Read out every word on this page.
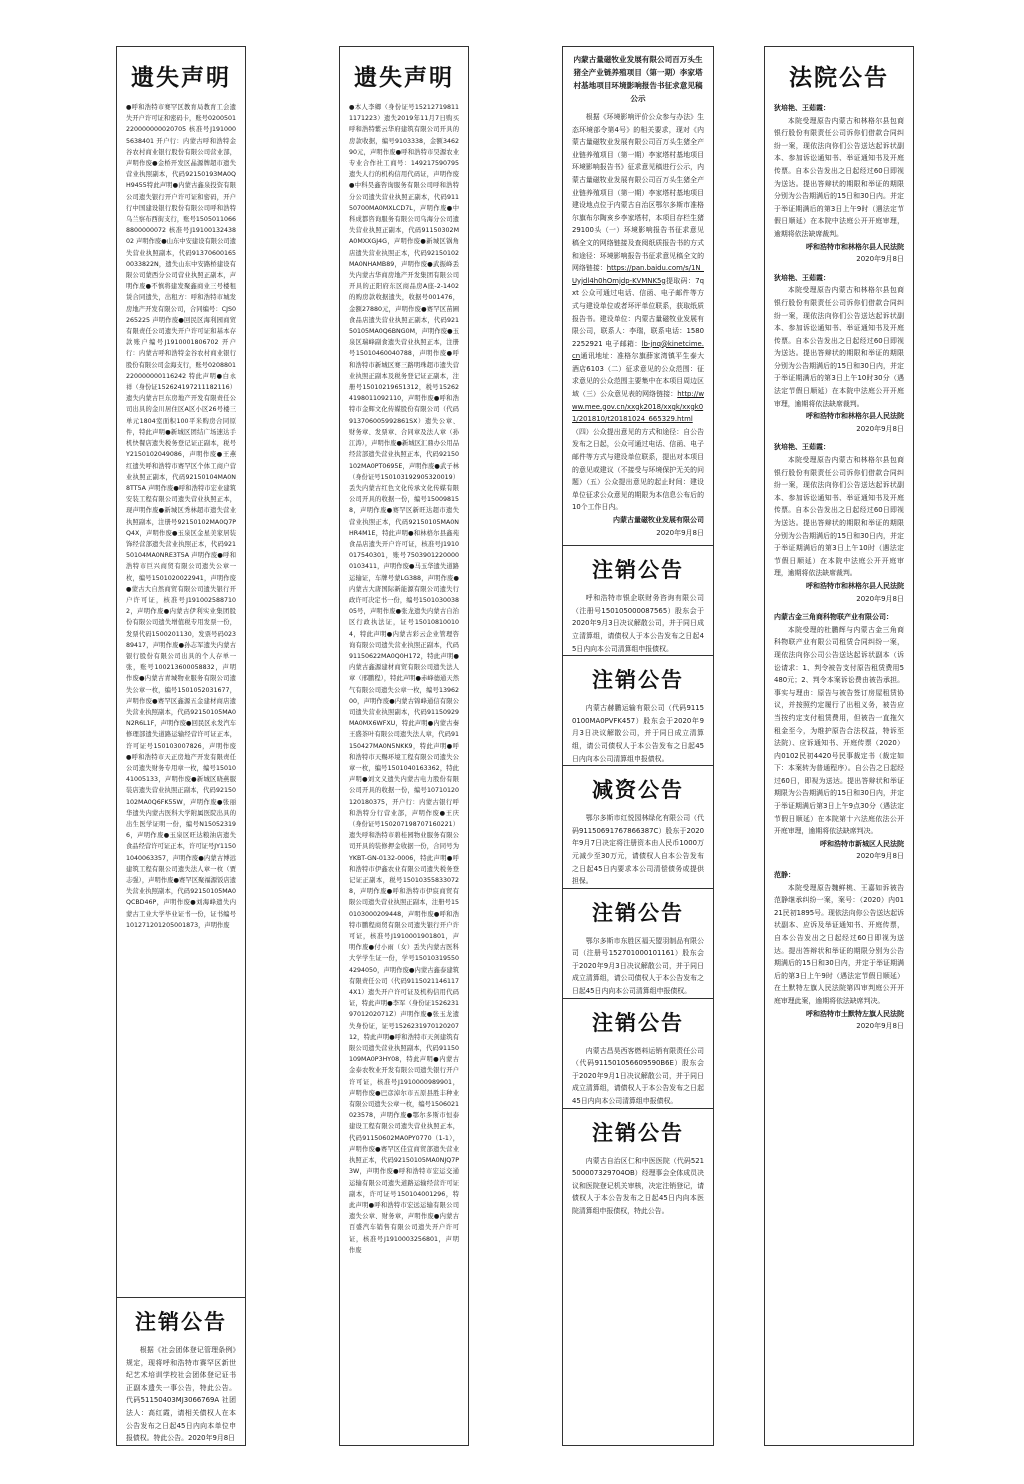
遗失声明

●呼和浩特市赛罕区教育局教育工会遗失开户许可证和密码卡，账号0200501220000000020705 核准号J1910005638401 开户行：内蒙古呼和浩特金谷农村商业银行股份有限公司营业部，声明作废●金桥开发区晶源牌超市遗失营业执照副本，代码92150193MA0QH9455特此声明●内蒙古鑫泉投资有限公司遗失银行开户许可证和密码，开户行中国建设银行股份有限公司呼和浩特乌兰察布西街支行，账号15050110668800000072 核准号J1910013243802 声明作废●山东中安建设有限公司遗失营业执照副本，代码913706001650033822N，遗失山东中安路桥建设有限公司蒙西分公司营业执照正副本，声明作废●不慎将建发聚鑫商业三号楼租赁合同遗失，出租方：呼和浩特市城发房地产开发有限公司，合同编号：CJS0265225 声明作废●回民区海利园商贸有限责任公司遗失开户许可证和基本存款账户编号J1910001806702 开户行：内蒙古呼和浩特金谷农村商业银行股份有限公司金海支行，账号0208801220000000116242 特此声明●白永祥（身份证152624197211182116）遗失内蒙古巨东房地产开发有限责任公司出具的金川居住区A区小区26号楼三单元1804室面积100平米购房合同原件，特此声明●新城区团结广场速达手机快餐店遗失税务登记证正副本，税号Y2150102049086，声明作废●王燕红遗失呼和浩特市赛罕区个体工商户营业执照正副本，代码92150104MA0N8TT5A 声明作废●呼和浩特市宏业建筑安装工程有限公司遗失营业执照正本，现声明作废●新城区秀林超市遗失营业执照副本，注册号92150102MA0Q7PQ4X，声明作废●玉泉区金星美家居装饰经营部遗失营业执照正本，代码92150104MA0NRE3T5A 声明作废●呼和浩特市巨兴商贸有限公司遗失公章一枚，编号1501020022941，声明作废●蒙古大自然商贸有限公司遗失银行开户许可证，核准号J1910025887102，声明作废●内蒙古伊利实业集团股份有限公司遗失增值税专用发票一份，发票代码1500201130，发票号码02389417，声明作废●孙志军遗失内蒙古银行股份有限公司出具的个人存单一张，账号100213600058832，声明作废●内蒙古青城物业服务有限公司遗失公章一枚，编号1501052031677，声明作废●赛罕区鑫源五金建材商店遗失营业执照副本，代码92150105MA0N2R6L1F，声明作废●回民区永发汽车修理部遗失道路运输经营许可证正本，许可证号150103007826，声明作废●呼和浩特市天正房地产开发有限责任公司遗失财务专用章一枚，编号1501041005133，声明作废●新城区晓燕服装店遗失营业执照正副本，代码92150102MA0Q6FK55W，声明作废●张丽华遗失内蒙古医科大学附属医院出具的出生医学证明一份，编号N150523196，声明作废●玉泉区旺达粮油店遗失食品经营许可证正本，许可证号JY11501040063357，声明作废●内蒙古博远建筑工程有限公司遗失法人章一枚（贾志强），声明作废●赛罕区聚福源饭店遗失营业执照副本，代码92150105MA0QCBD46P，声明作废●刘海峰遗失内蒙古工业大学毕业证书一份，证书编号101271201205001873，声明作废

注销公告

根据《社会团体登记管理条例》规定，现将呼和浩特市赛罕区新世纪艺术培训学校社会团体登记证书正副本遗失一事公告，特此公告。代码51150403MJ3066769A 社团法人：高红霞，请相关债权人在本公告发布之日起45日内向本单位申报债权。特此公告。2020年9月8日

遗失声明

●本人李卿（身份证号152127198111171223）遗失2019年11月7日购买呼和浩特紫云华府建筑有限公司开具的房款收据，编号9103338，金额346290元，声明作废●呼和浩特市昊源农业专业合作社工商号：149217590795遗失人行的机构信用代码证，声明作废●中科昊鑫咨询服务有限公司呼和浩特分公司遗失营业执照正副本，代码91150700MA0MXLCD7L，声明作废●中科成都咨询服务有限公司乌海分公司遗失营业执照正副本，代码91150302MA0MXXGJ4G，声明作废●新城区锅角店遗失营业执照正本，代码92150102MA0NHAMB89，声明作废●武振峰丢失内蒙古华商房地产开发集团有限公司开具的正阳府东区商品房A座-2-1402的购房款收据遗失，收据号001476，金额27880元，声明作废●赛罕区苗圃食品店遗失营业执照正副本，代码92150105MA0Q6BNG0M，声明作废●玉泉区瑞峰副食遗失营业执照正本，注册号15010460040788，声明作废●呼和浩特市新城区赛三路明珠超市遗失营业执照正副本及税务登记证正副本，注册号15010219651312，税号152624198011092110，声明作废●呼和浩特市金辉文化传媒股份有限公司（代码913706005992861SX）遗失公章、财务章、发票章、合同章及法人章（孙江涛），声明作废●新城区汇鼎办公用品经营部遗失营业执照正本，代码92150102MA0PT0695E，声明作废●武子林（身份证号150103192905320019）丢失内蒙古红色文化传承文化传媒有限公司开具的收据一份，编号150098158，声明作废●赛罕区新旺达超市遗失营业执照正本，代码92150105MA0NHR4M1E，特此声明●和林格尔县鑫苑食品店遗失开户许可证，核准号J1910017540301，账号75039012200000103411，声明作废●马玉华遗失道路运输证，车牌号蒙LG388，声明作废●内蒙古大唐国际新能源有限公司遗失行政许可决定书一份，编号150103003805号，声明作废●张龙遗失内蒙古自治区行政执法证，证号150108100104，特此声明●内蒙古彩云企业管理咨询有限公司遗失营业执照正副本，代码91150622MA0Q0H172，特此声明●内蒙古鑫源建材商贸有限公司遗失法人章（邢鹏程），特此声明●赤峰德通天然气有限公司遗失公章一枚，编号1396200，声明作废●内蒙古锦峰通信有限公司遗失营业执照副本，代码91150929MA0MX6WFXU，特此声明●内蒙古秦王盛茶叶有限公司遗失法人章，代码91150427MA0N5NKK9，特此声明●呼和浩特市天赐环境工程有限公司遗失公章一枚，编号1501040163362，特此声明●刘文义遗失内蒙古电力股份有限公司开具的收据一份，编号10710120120180375，开户行：内蒙古银行呼和浩特分行营业部，声明作废●王庆（身份证号150207198707160221）遗失呼和浩特市碧桂园物业服务有限公司开具的装修押金收据一份，合同号为YKBT-GN-0132-0006，特此声明●呼和浩特市伊鑫农业有限公司遗失税务登记证正副本，税号150103558330728，声明作废●呼和浩特市伊宸商贸有限公司遗失营业执照正副本，注册号150103000209448，声明作废●呼和浩特市鹏程商贸有限公司遗失银行开户许可证，核准号J1910001901801，声明作废●付小雨（女）丢失内蒙古医科大学学生证一份，学号150103195504294050，声明作废●内蒙古鑫泰建筑有限责任公司（代码91150211461174X1）遗失开户许可证及机构信用代码证，特此声明●李军（身份证15262319701202071Z）声明作废●张玉龙遗失身份证，证号152623197012020712，特此声明●呼和浩特市天剑建筑有限公司遗失营业执照副本，代码91150109MA0P3HY08，特此声明●内蒙古金泰农牧业开发有限公司遗失银行开户许可证，核准号J1910000989901，声明作废●巴彦淖尔市五原县胜丰种业有限公司遗失公章一枚，编号1506021023578，声明作废●鄂尔多斯市恒泰建设工程有限公司遗失营业执照正本，代码91150602MA0PY0770（1-1），声明作废●赛罕区佳宜商贸部遗失营业执照正本，代码92150105MA0NJQ7P3W，声明作废●呼和浩特市宏运交通运输有限公司遗失道路运输经营许可证副本，许可证号150104001296，特此声明●呼和浩特市宏远运输有限公司遗失公章、财务章，声明作废●内蒙古百盛汽车销售有限公司遗失开户许可证，核准号J1910003256801，声明作废

内蒙古量磁牧业发展有限公司百万头生猪全产业链养殖项目（第一期）李家塔村基地项目环境影响报告书征求意见稿公示

根据《环境影响评价公众参与办法》生态环境部令第4号》的相关要求，现对《内蒙古量磁牧业发展有限公司百万头生猪全产业链养殖项目（第一期）李家塔村基地项目环境影响报告书》征求意见稿进行公示，内蒙古量磁牧业发展有限公司百万头生猪全产业链养殖项目（第一期）李家塔村基地项目建设地点位于内蒙古自治区鄂尔多斯市准格尔旗布尔陶亥乡李家塔村，本项目存栏生猪29100头（一）环境影响报告书征求意见稿全文的网络链接及查阅纸质报告书的方式和途径：环境影响报告书征求意见稿全文的网络链接：https://pan.baidu.com/s/1N_Uyjdl4h0hOmjdp-KVMNK5g提取码：7qxt 公众可通过电话、信函、电子邮件等方式与建设单位或者环评单位联系，获取纸质报告书。建设单位：内蒙古量磁牧业发展有限公司，联系人：李瑞，联系电话：15802252921 电子邮箱：lb-jnq@kinetcime.cn通讯地址：准格尔旗薛家湾镇平生泰大酒店6103（二）征求意见的公众范围：征求意见的公众范围主要集中在本项目周边区域（三）公众意见表的网络链接：http://www.mee.gov.cn/xxgk2018/xxgk/xxgk01/201810/t20181024_665329.html（四）公众提出意见的方式和途径：自公告发布之日起，公众可通过电话、信函、电子邮件等方式与建设单位联系，提出对本项目的意见或建议（不接受与环境保护无关的问题）（五）公众提出意见的起止时间：建设单位征求公众意见的期限为本信息公布后的10个工作日内。

内蒙古量磁牧业发展有限公司

2020年9月8日

注销公告

呼和浩特市银企联财务咨询有限公司（注册号150105000087565）股东会于2020年9月3日决议解散公司，并于同日成立清算组，请债权人于本公告发布之日起45日内向本公司清算组申报债权。

注销公告

内蒙古赫鹏运输有限公司（代码91150100MA0PVFK457）股东会于2020年9月3日决议解散公司，并于同日成立清算组，请公司债权人于本公告发布之日起45日内向本公司清算组申报债权。

减资公告

鄂尔多斯市红悦园林绿化有限公司（代码91150691767866387C）股东于2020年9月7日决定将注册资本由人民币1000万元减少至30万元，请债权人自本公告发布之日起45日内要求本公司清偿债务或提供担保。

注销公告

鄂尔多斯市东胜区福天盟羽制品有限公司（注册号152701000101161）股东会于2020年9月3日决议解散公司，并于同日成立清算组，请公司债权人于本公告发布之日起45日内向本公司清算组申报债权。

注销公告

内蒙古昌昊西客燃料运销有限责任公司（代码911501056609590B6E）股东会于2020年9月1日决议解散公司，并于同日成立清算组，请债权人于本公告发布之日起45日内向本公司清算组申报债权。

注销公告

内蒙古自治区仁和中医医院（代码521500007329704OB）经理事会全体成员决议和医院登记机关审核，决定注销登记，请债权人于本公告发布之日起45日内向本医院清算组申报债权，特此公告。

法院公告

狄培艳、王茹霞：

本院受理原告内蒙古和林格尔县包商银行股份有限责任公司诉你们借款合同纠纷一案，现依法向你们公告送达起诉状副本、参加诉讼通知书、举证通知书及开庭传票。自本公告发出之日起经过60日即视为送达。提出答辩状的期限和举证的期限分别为公告期满后的15日和30日内。并定于举证期满后的第3日上午9时（遇法定节假日顺延）在本院中法庭公开开庭审理，逾期将依法缺席裁判。

呼和浩特市和林格尔县人民法院

2020年9月8日

狄培艳、王茹霞：

本院受理原告内蒙古和林格尔县包商银行股份有限责任公司诉你们借款合同纠纷一案，现依法向你们公告送达起诉状副本、参加诉讼通知书、举证通知书及开庭传票。自本公告发出之日起经过60日即视为送达。提出答辩状的期限和举证的期限分别为公告期满后的15日和30日内，并定于举证期满后的第3日上午10时30分（遇法定节假日顺延）在本院中法庭公开开庭审理，逾期将依法缺席裁判。

呼和浩特市和林格尔县人民法院

2020年9月8日

狄培艳、王茹霞：

本院受理原告内蒙古和林格尔县包商银行股份有限责任公司诉你们借款合同纠纷一案，现依法向你们公告送达起诉状副本、参加诉讼通知书、举证通知书及开庭传票。自本公告发出之日起经过60日即视为送达。提出答辩状的期限和举证的期限分别为公告期满后的15日和30日内，并定于举证期满后的第3日上午10时（遇法定节假日顺延）在本院中法庭公开开庭审理，逾期将依法缺席裁判。

呼和浩特市和林格尔县人民法院

2020年9月8日

内蒙古金三角商科物联产业有限公司：

本院受理的杜鹏辉与内蒙古金三角商科物联产业有限公司租赁合同纠纷一案，现依法向你公司公告送达起诉状副本（诉讼请求：1、判令被告支付原告租赁费用5480元；2、判令本案诉讼费由被告承担。事实与理由：原告与被告签订房屋租赁协议，并按照约定履行了出租义务，被告应当按约定支付租赁费用，但被告一直拖欠租金至今，为维护原告合法权益，特诉至法院）、应诉通知书、开庭传票（2020）内0102民初4420号民事裁定书（裁定如下：本案转为普通程序）。自公告之日起经过60日，即视为送达。提出答辩状和举证期限为公告期满后的15日和30日内，并定于举证期满后第3日上午9点30分（遇法定节假日顺延）在本院第十六法庭依法公开开庭审理，逾期将依法缺席判决。

呼和浩特市新城区人民法院

2020年9月8日

范静：

本院受理原告魏鲜桃、王嘉如诉被告范静继承纠纷一案，案号：（2020）内0121民初1895号。现依法向你公告送达起诉状副本、应诉及举证通知书、开庭传票，自本公告发出之日起经过60日即视为送达。提出答辩状和举证的期限分别为公告期满后的15日和30日内，并定于举证期满后的第3日上午9时（遇法定节假日顺延）在土默特左旗人民法院第四审判庭公开开庭审理此案，逾期将依法缺席判决。

呼和浩特市土默特左旗人民法院

2020年9月8日
